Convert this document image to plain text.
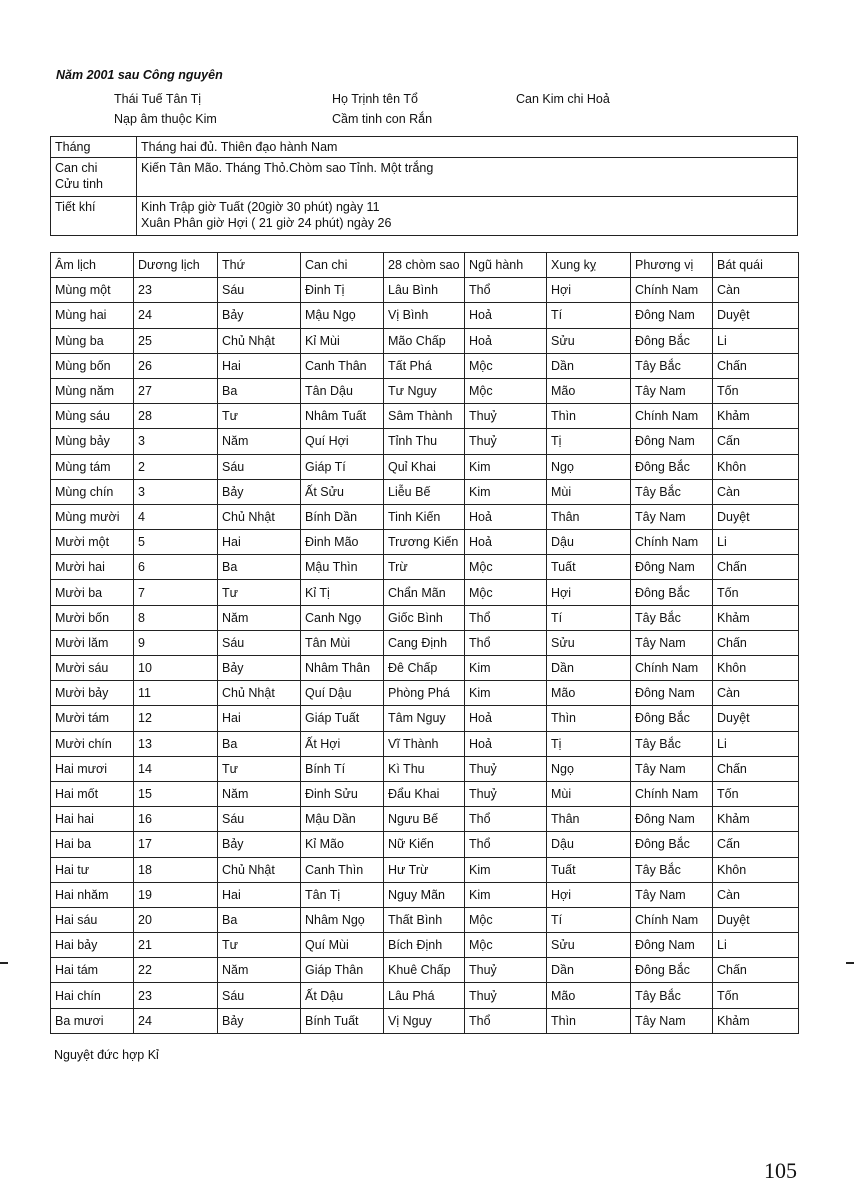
Năm 2001 sau Công nguyên
Thái Tuế Tân Tị	Họ Trịnh tên Tổ	Can Kim chi Hoả
Nạp âm thuộc Kim	Cầm tinh con Rắn
Tháng	Tháng hai đủ. Thiên đạo hành Nam

Can chi
Cửu tinh	Kiến Tân Mão. Tháng Thỏ.Chòm sao Tỉnh. Một trắng
Tiết khí	Kinh Trập giờ Tuất (20giờ 30 phút) ngày 11
Xuân Phân giờ Hợi ( 21 giờ 24 phút) ngày 26
Âm lịch	Dương lịch	Thứ	Can chi	28 chòm sao	Ngũ hành	Xung kỵ	Phương vị	Bát quái
Mùng một	23	Sáu	Đinh Tị	Lâu Bình	Thổ	Hợi	Chính Nam	Càn
Mùng hai	24	Bảy	Mậu Ngọ	Vị Bình	Hoả	Tí	Đông Nam	Duyệt
Mùng ba	25	Chủ Nhật	Kỉ Mùi	Mão Chấp	Hoả	Sửu	Đông Bắc	Li
Mùng bốn	26	Hai	Canh Thân	Tất Phá	Mộc	Dần	Tây Bắc	Chấn
Mùng năm	27	Ba	Tân Dậu	Tư Nguy	Mộc	Mão	Tây Nam	Tốn
Mùng sáu	28	Tư	Nhâm Tuất	Sâm Thành	Thuỷ	Thìn	Chính Nam	Khảm
Mùng bảy	3	Năm	Quí Hợi	Tỉnh Thu	Thuỷ	Tị	Đông Nam	Cấn
Mùng tám	2	Sáu	Giáp Tí	Quỉ Khai	Kim	Ngọ	Đông Bắc	Khôn
Mùng chín	3	Bảy	Ất Sửu	Liễu Bế	Kim	Mùi	Tây Bắc	Càn
Mùng mười	4	Chủ Nhật	Bính Dần	Tinh Kiến	Hoả	Thân	Tây Nam	Duyệt
Mười một	5	Hai	Đinh Mão	Trương Kiến	Hoả	Dậu	Chính Nam	Li
Mười hai	6	Ba	Mậu Thìn	Trừ	Mộc	Tuất	Đông Nam	Chấn
Mười ba	7	Tư	Kỉ Tị	Chẩn Mãn	Mộc	Hợi	Đông Bắc	Tốn
Mười bốn	8	Năm	Canh Ngọ	Giốc Bình	Thổ	Tí	Tây Bắc	Khảm
Mười lăm	9	Sáu	Tân Mùi	Cang Định	Thổ	Sửu	Tây Nam	Chấn
Mười sáu	10	Bảy	Nhâm Thân	Đê Chấp	Kim	Dần	Chính Nam	Khôn
Mười bảy	11	Chủ Nhật	Quí Dậu	Phòng Phá	Kim	Mão	Đông Nam	Càn
Mười tám	12	Hai	Giáp Tuất	Tâm Nguy	Hoả	Thìn	Đông Bắc	Duyệt
Mười chín	13	Ba	Ất Hợi	Vĩ Thành	Hoả	Tị	Tây Bắc	Li
Hai mươi	14	Tư	Bính Tí	Kì Thu	Thuỷ	Ngọ	Tây Nam	Chấn
Hai mốt	15	Năm	Đinh Sửu	Đẩu Khai	Thuỷ	Mùi	Chính Nam	Tốn
Hai hai	16	Sáu	Mậu Dần	Ngưu Bế	Thổ	Thân	Đông Nam	Khảm
Hai ba	17	Bảy	Kỉ Mão	Nữ Kiến	Thổ	Dậu	Đông Bắc	Cấn
Hai tư	18	Chủ Nhật	Canh Thìn	Hư Trừ	Kim	Tuất	Tây Bắc	Khôn
Hai nhăm	19	Hai	Tân Tị	Nguy Mãn	Kim	Hợi	Tây Nam	Càn
Hai sáu	20	Ba	Nhâm Ngọ	Thất Bình	Mộc	Tí	Chính Nam	Duyệt
Hai bảy	21	Tư	Quí Mùi	Bích Định	Mộc	Sửu	Đông Nam	Li
Hai tám	22	Năm	Giáp Thân	Khuê Chấp	Thuỷ	Dần	Đông Bắc	Chấn
Hai chín	23	Sáu	Ất Dậu	Lâu Phá	Thuỷ	Mão	Tây Bắc	Tốn
Ba mươi	24	Bảy	Bính Tuất	Vị Nguy	Thổ	Thìn	Tây Nam	Khảm
Nguyệt đức hợp Kỉ
105
